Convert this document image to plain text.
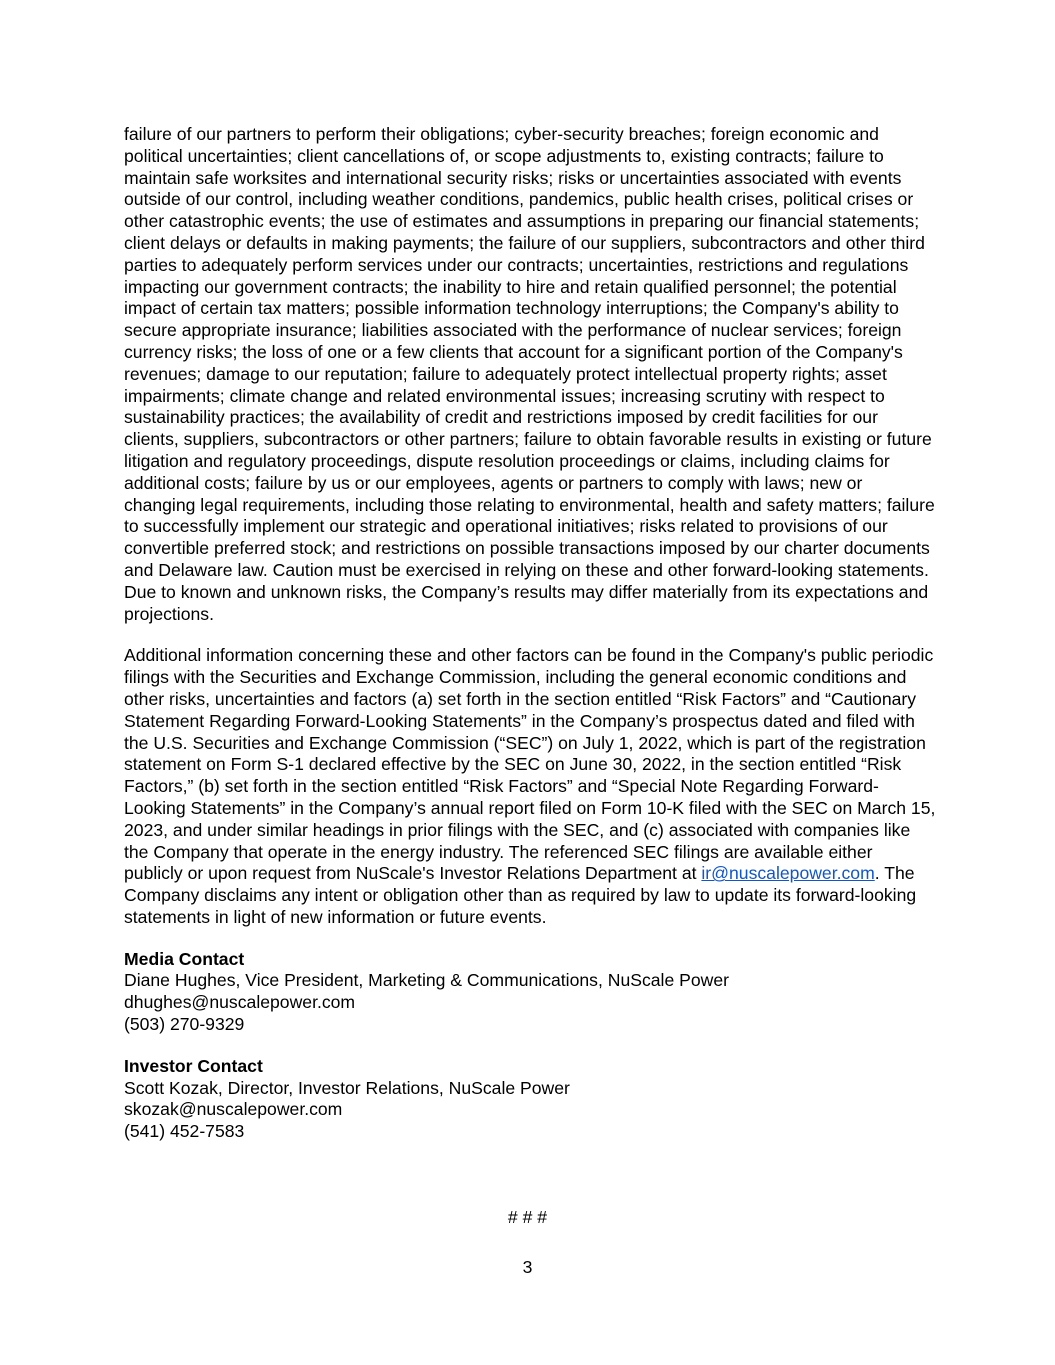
failure of our partners to perform their obligations; cyber-security breaches; foreign economic and political uncertainties; client cancellations of, or scope adjustments to, existing contracts; failure to maintain safe worksites and international security risks; risks or uncertainties associated with events outside of our control, including weather conditions, pandemics, public health crises, political crises or other catastrophic events; the use of estimates and assumptions in preparing our financial statements; client delays or defaults in making payments; the failure of our suppliers, subcontractors and other third parties to adequately perform services under our contracts; uncertainties, restrictions and regulations impacting our government contracts; the inability to hire and retain qualified personnel; the potential impact of certain tax matters; possible information technology interruptions; the Company's ability to secure appropriate insurance; liabilities associated with the performance of nuclear services; foreign currency risks; the loss of one or a few clients that account for a significant portion of the Company's revenues; damage to our reputation; failure to adequately protect intellectual property rights; asset impairments; climate change and related environmental issues; increasing scrutiny with respect to sustainability practices; the availability of credit and restrictions imposed by credit facilities for our clients, suppliers, subcontractors or other partners; failure to obtain favorable results in existing or future litigation and regulatory proceedings, dispute resolution proceedings or claims, including claims for additional costs; failure by us or our employees, agents or partners to comply with laws; new or changing legal requirements, including those relating to environmental, health and safety matters; failure to successfully implement our strategic and operational initiatives; risks related to provisions of our convertible preferred stock; and restrictions on possible transactions imposed by our charter documents and Delaware law. Caution must be exercised in relying on these and other forward-looking statements. Due to known and unknown risks, the Company’s results may differ materially from its expectations and projections.

Additional information concerning these and other factors can be found in the Company's public periodic filings with the Securities and Exchange Commission, including the general economic conditions and other risks, uncertainties and factors (a) set forth in the section entitled “Risk Factors” and “Cautionary Statement Regarding Forward-Looking Statements” in the Company’s prospectus dated and filed with the U.S. Securities and Exchange Commission (“SEC”) on July 1, 2022, which is part of the registration statement on Form S-1 declared effective by the SEC on June 30, 2022, in the section entitled “Risk Factors,” (b) set forth in the section entitled “Risk Factors” and “Special Note Regarding Forward-Looking Statements” in the Company’s annual report filed on Form 10-K filed with the SEC on March 15, 2023, and under similar headings in prior filings with the SEC, and (c) associated with companies like the Company that operate in the energy industry. The referenced SEC filings are available either publicly or upon request from NuScale's Investor Relations Department at ir@nuscalepower.com. The Company disclaims any intent or obligation other than as required by law to update its forward-looking statements in light of new information or future events.

Media Contact
Diane Hughes, Vice President, Marketing & Communications, NuScale Power
dhughes@nuscalepower.com
(503) 270-9329
Investor Contact
Scott Kozak, Director, Investor Relations, NuScale Power
skozak@nuscalepower.com
(541) 452-7583
# # #
3
